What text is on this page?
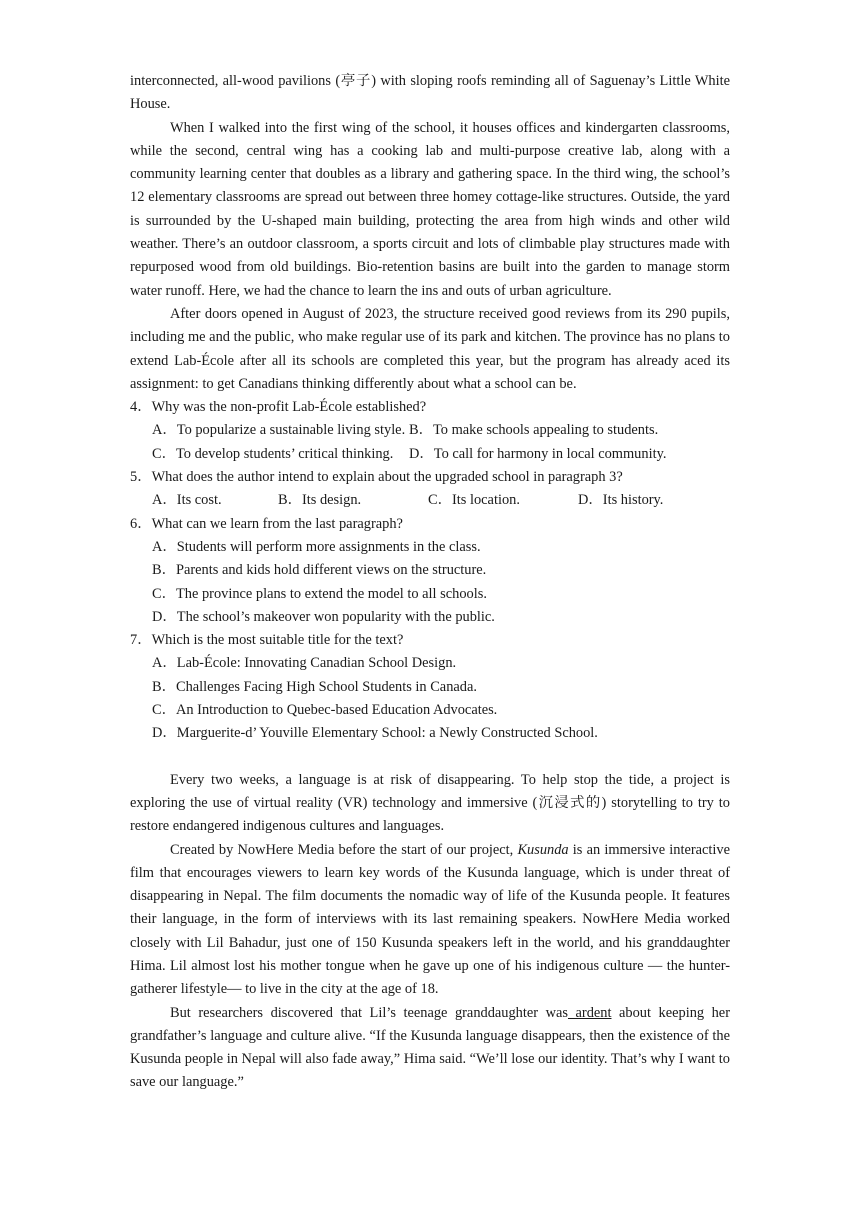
interconnected, all-wood pavilions (亭子) with sloping roofs reminding all of Saguenay’s Little White House.

When I walked into the first wing of the school, it houses offices and kindergarten classrooms, while the second, central wing has a cooking lab and multi-purpose creative lab, along with a community learning center that doubles as a library and gathering space. In the third wing, the school’s 12 elementary classrooms are spread out between three homey cottage-like structures. Outside, the yard is surrounded by the U-shaped main building, protecting the area from high winds and other wild weather. There’s an outdoor classroom, a sports circuit and lots of climbable play structures made with repurposed wood from old buildings. Bio-retention basins are built into the garden to manage storm water runoff. Here, we had the chance to learn the ins and outs of urban agriculture.

After doors opened in August of 2023, the structure received good reviews from its 290 pupils, including me and the public, who make regular use of its park and kitchen. The province has no plans to extend Lab-École after all its schools are completed this year, but the program has already aced its assignment: to get Canadians thinking differently about what a school can be.

4．Why was the non-profit Lab-École established?
A．To popularize a sustainable living style. B．To make schools appealing to students.
C．To develop students’ critical thinking.	D．To call for harmony in local community.
5．What does the author intend to explain about the upgraded school in paragraph 3?
A．Its cost.	B．Its design.	C．Its location.	D．Its history.
6．What can we learn from the last paragraph?
A．Students will perform more assignments in the class.
B．Parents and kids hold different views on the structure.
C．The province plans to extend the model to all schools.
D．The school’s makeover won popularity with the public.
7．Which is the most suitable title for the text?
A．Lab-École: Innovating Canadian School Design.
B．Challenges Facing High School Students in Canada.
C．An Introduction to Quebec-based Education Advocates.
D．Marguerite-d’ Youville Elementary School: a Newly Constructed School.

Every two weeks, a language is at risk of disappearing. To help stop the tide, a project is exploring the use of virtual reality (VR) technology and immersive (沉浸式的) storytelling to try to restore endangered indigenous cultures and languages.

Created by NowHere Media before the start of our project, Kusunda is an immersive interactive film that encourages viewers to learn key words of the Kusunda language, which is under threat of disappearing in Nepal. The film documents the nomadic way of life of the Kusunda people. It features their language, in the form of interviews with its last remaining speakers. NowHere Media worked closely with Lil Bahadur, just one of 150 Kusunda speakers left in the world, and his granddaughter Hima. Lil almost lost his mother tongue when he gave up one of his indigenous culture — the hunter-gatherer lifestyle— to live in the city at the age of 18.

But researchers discovered that Lil’s teenage granddaughter was ardent about keeping her grandfather’s language and culture alive. “If the Kusunda language disappears, then the existence of the Kusunda people in Nepal will also fade away,” Hima said. “We’ll lose our identity. That’s why I want to save our language.”
